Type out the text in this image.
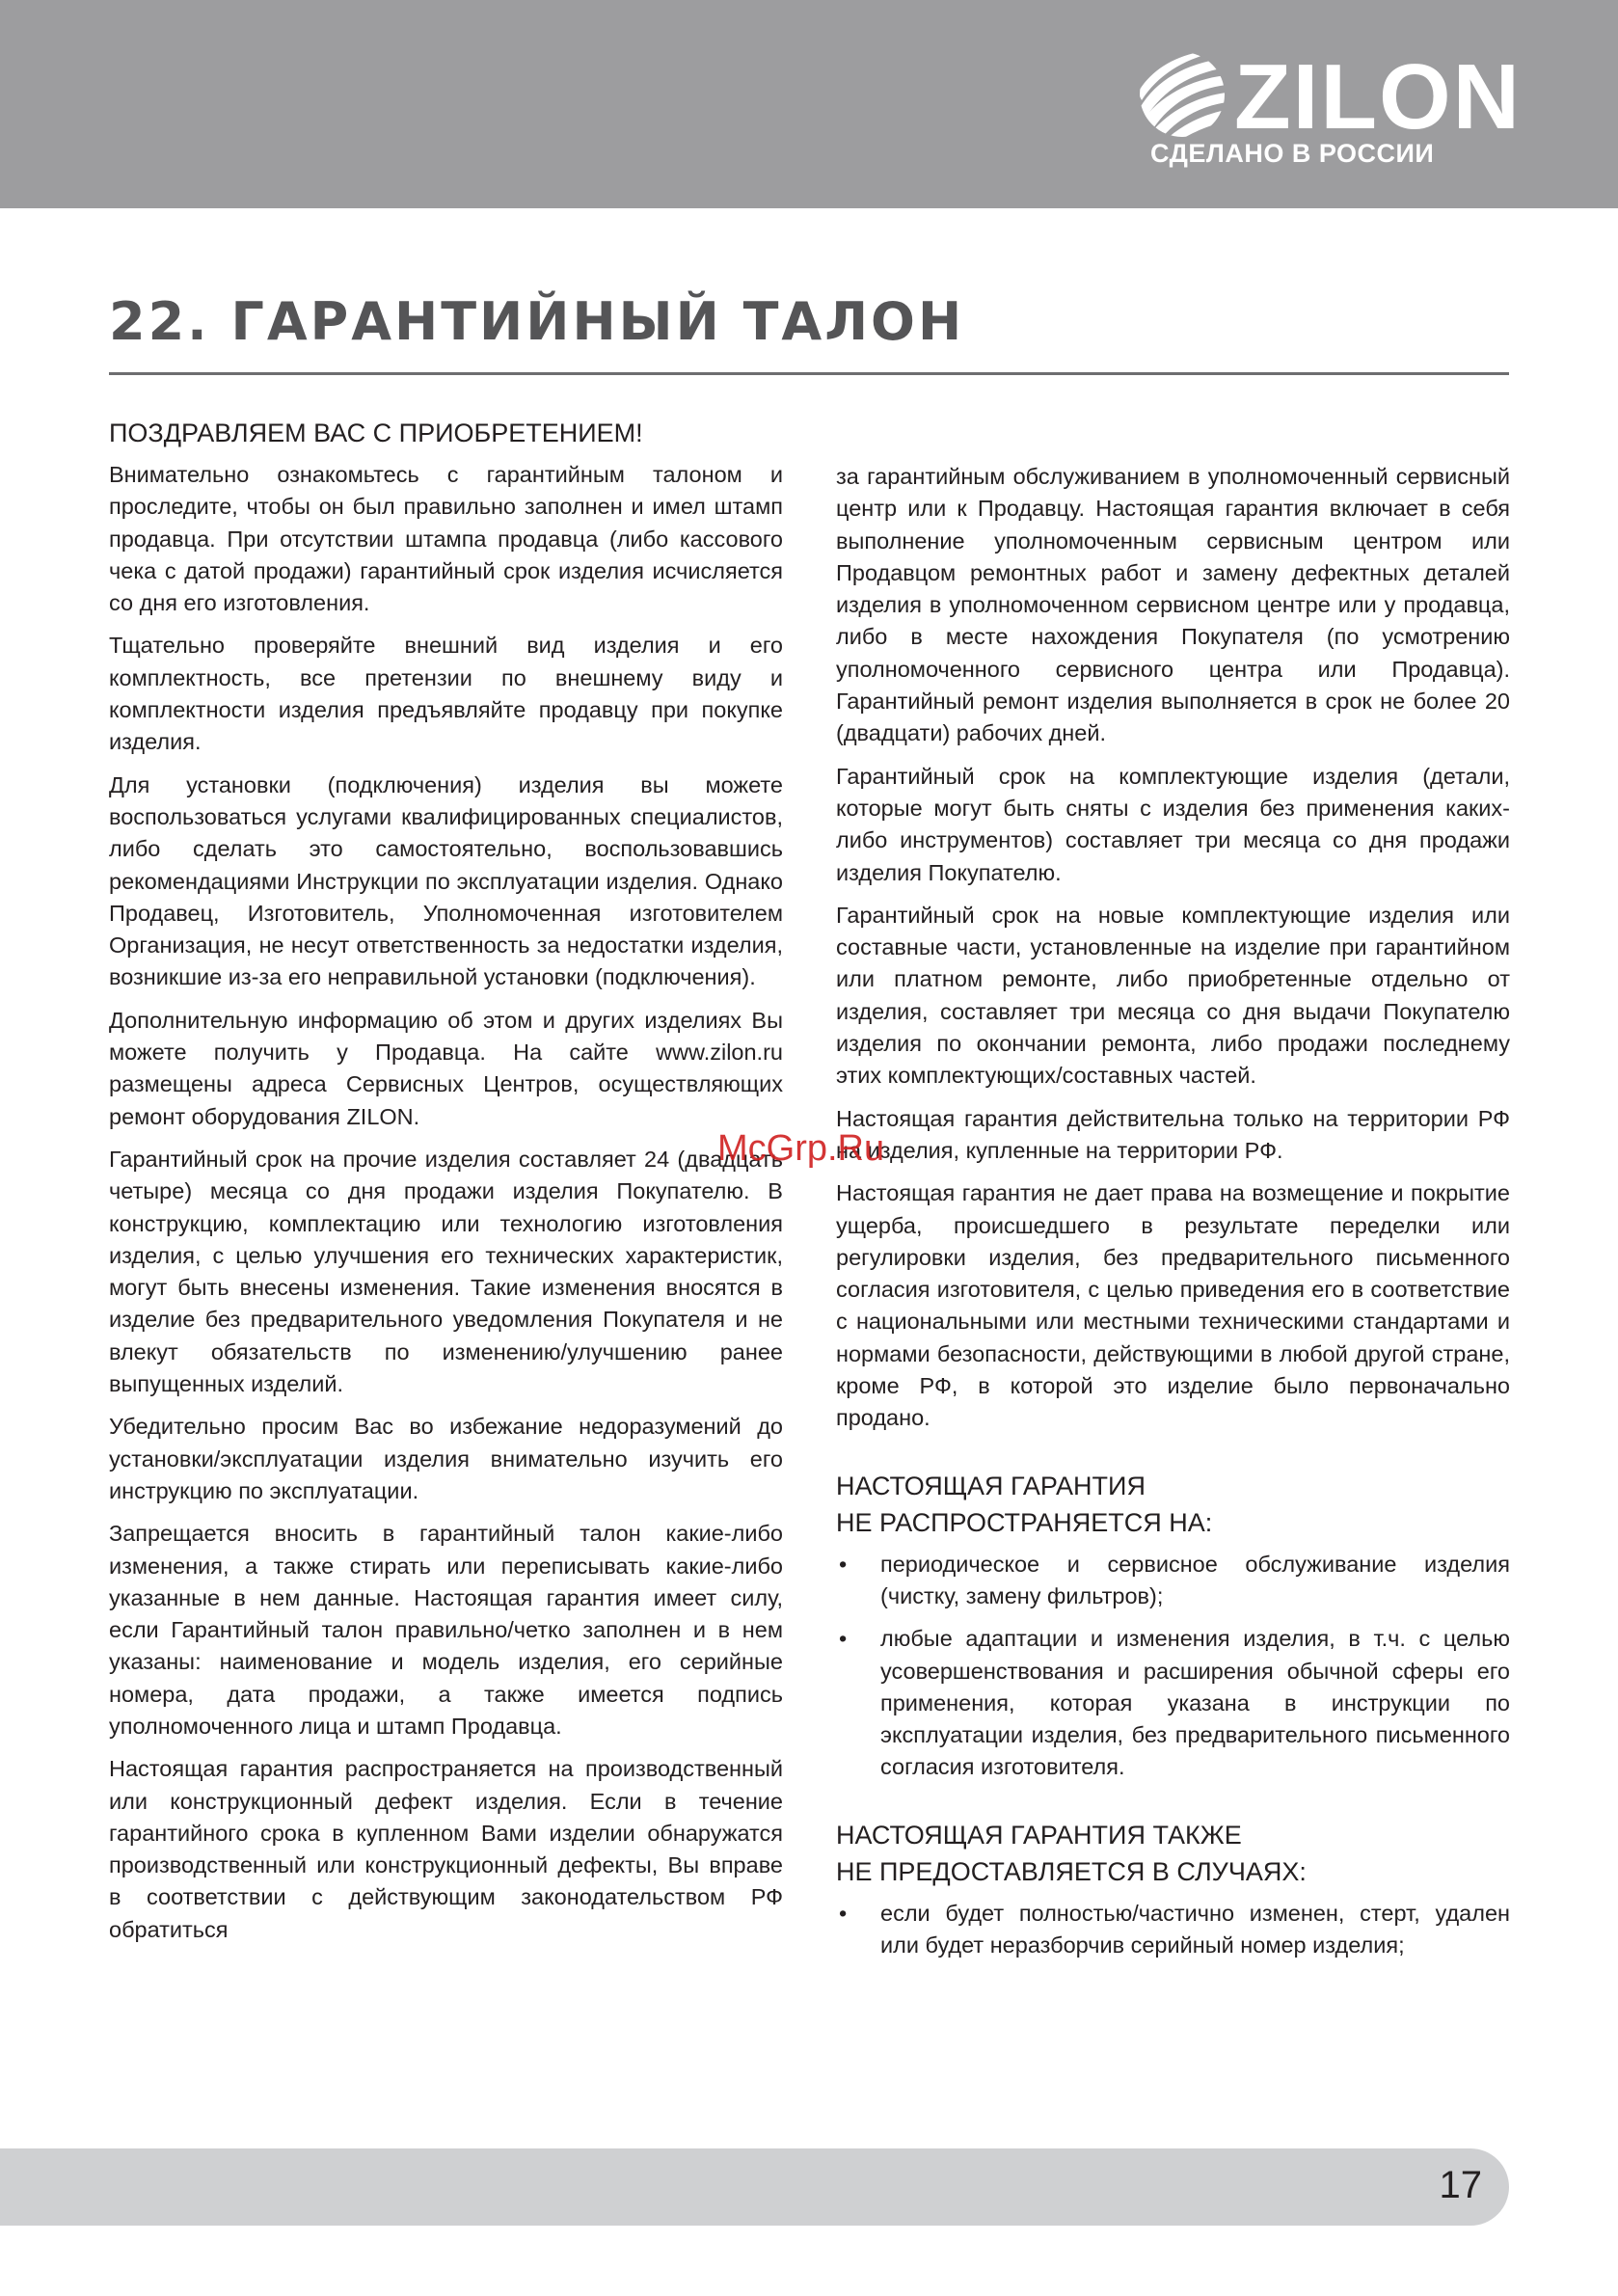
ZILON
СДЕЛАНО В РОССИИ
22. ГАРАНТИЙНЫЙ ТАЛОН
ПОЗДРАВЛЯЕМ ВАС С ПРИОБРЕТЕНИЕМ!

Внимательно ознакомьтесь с гарантийным талоном и проследите, чтобы он был правильно заполнен и имел штамп продавца. При отсутствии штампа продавца (либо кассового чека с датой продажи) гарантийный срок изделия исчисляется со дня его изготовления.

Тщательно проверяйте внешний вид изделия и его комплектность, все претензии по внешнему виду и комплектности изделия предъявляйте продавцу при покупке изделия.

Для установки (подключения) изделия вы можете воспользоваться услугами квалифицированных специалистов, либо сделать это самостоятельно, воспользовавшись рекомендациями Инструкции по эксплуатации изделия. Однако Продавец, Изготовитель, Уполномоченная изготовителем Организация, не несут ответственность за недостатки изделия, возникшие из-за его неправильной установки (подключения).

Дополнительную информацию об этом и других изделиях Вы можете получить у Продавца. На сайте www.zilon.ru размещены адреса Сервисных Центров, осуществляющих ремонт оборудования ZILON.

Гарантийный срок на прочие изделия составляет 24 (двадцать четыре) месяца со дня продажи изделия Покупателю. В конструкцию, комплектацию или технологию изготовления изделия, с целью улучшения его технических характеристик, могут быть внесены изменения. Такие изменения вносятся в изделие без предварительного уведомления Покупателя и не влекут обязательств по изменению/улучшению ранее выпущенных изделий.

Убедительно просим Вас во избежание недоразумений до установки/эксплуатации изделия внимательно изучить его инструкцию по эксплуатации.

Запрещается вносить в гарантийный талон какие-либо изменения, а также стирать или переписывать какие-либо указанные в нем данные. Настоящая гарантия имеет силу, если Гарантийный талон правильно/четко заполнен и в нем указаны: наименование и модель изделия, его серийные номера, дата продажи, а также имеется подпись уполномоченного лица и штамп Продавца.

Настоящая гарантия распространяется на производственный или конструкционный дефект изделия. Если в течение гарантийного срока в купленном Вами изделии обнаружатся производственный или конструкционный дефекты, Вы вправе в соответствии с действующим законодательством РФ обратиться

за гарантийным обслуживанием в уполномоченный сервисный центр или к Продавцу. Настоящая гарантия включает в себя выполнение уполномоченным сервисным центром или Продавцом ремонтных работ и замену дефектных деталей изделия в уполномоченном сервисном центре или у продавца, либо в месте нахождения Покупателя (по усмотрению уполномоченного сервисного центра или Продавца). Гарантийный ремонт изделия выполняется в срок не более 20 (двадцати) рабочих дней.

Гарантийный срок на комплектующие изделия (детали, которые могут быть сняты с изделия без применения каких-либо инструментов) составляет три месяца со дня продажи изделия Покупателю.

Гарантийный срок на новые комплектующие изделия или составные части, установленные на изделие при гарантийном или платном ремонте, либо приобретенные отдельно от изделия, составляет три месяца со дня выдачи Покупателю изделия по окончании ремонта, либо продажи последнему этих комплектующих/составных частей.

Настоящая гарантия действительна только на территории РФ на изделия, купленные на территории РФ.

Настоящая гарантия не дает права на возмещение и покрытие ущерба, происшедшего в результате переделки или регулировки изделия, без предварительного письменного согласия изготовителя, с целью приведения его в соответствие с национальными или местными техническими стандартами и нормами безопасности, действующими в любой другой стране, кроме РФ, в которой это изделие было первоначально продано.

НАСТОЯЩАЯ ГАРАНТИЯ
НЕ РАСПРОСТРАНЯЕТСЯ НА:
• периодическое и сервисное обслуживание изделия (чистку, замену фильтров);
• любые адаптации и изменения изделия, в т.ч. с целью усовершенствования и расширения обычной сферы его применения, которая указана в инструкции по эксплуатации изделия, без предварительного письменного согласия изготовителя.
НАСТОЯЩАЯ ГАРАНТИЯ ТАКЖЕ
НЕ ПРЕДОСТАВЛЯЕТСЯ В СЛУЧАЯХ:
• если будет полностью/частично изменен, стерт, удален или будет неразборчив серийный номер изделия;
McGrp.Ru
17
